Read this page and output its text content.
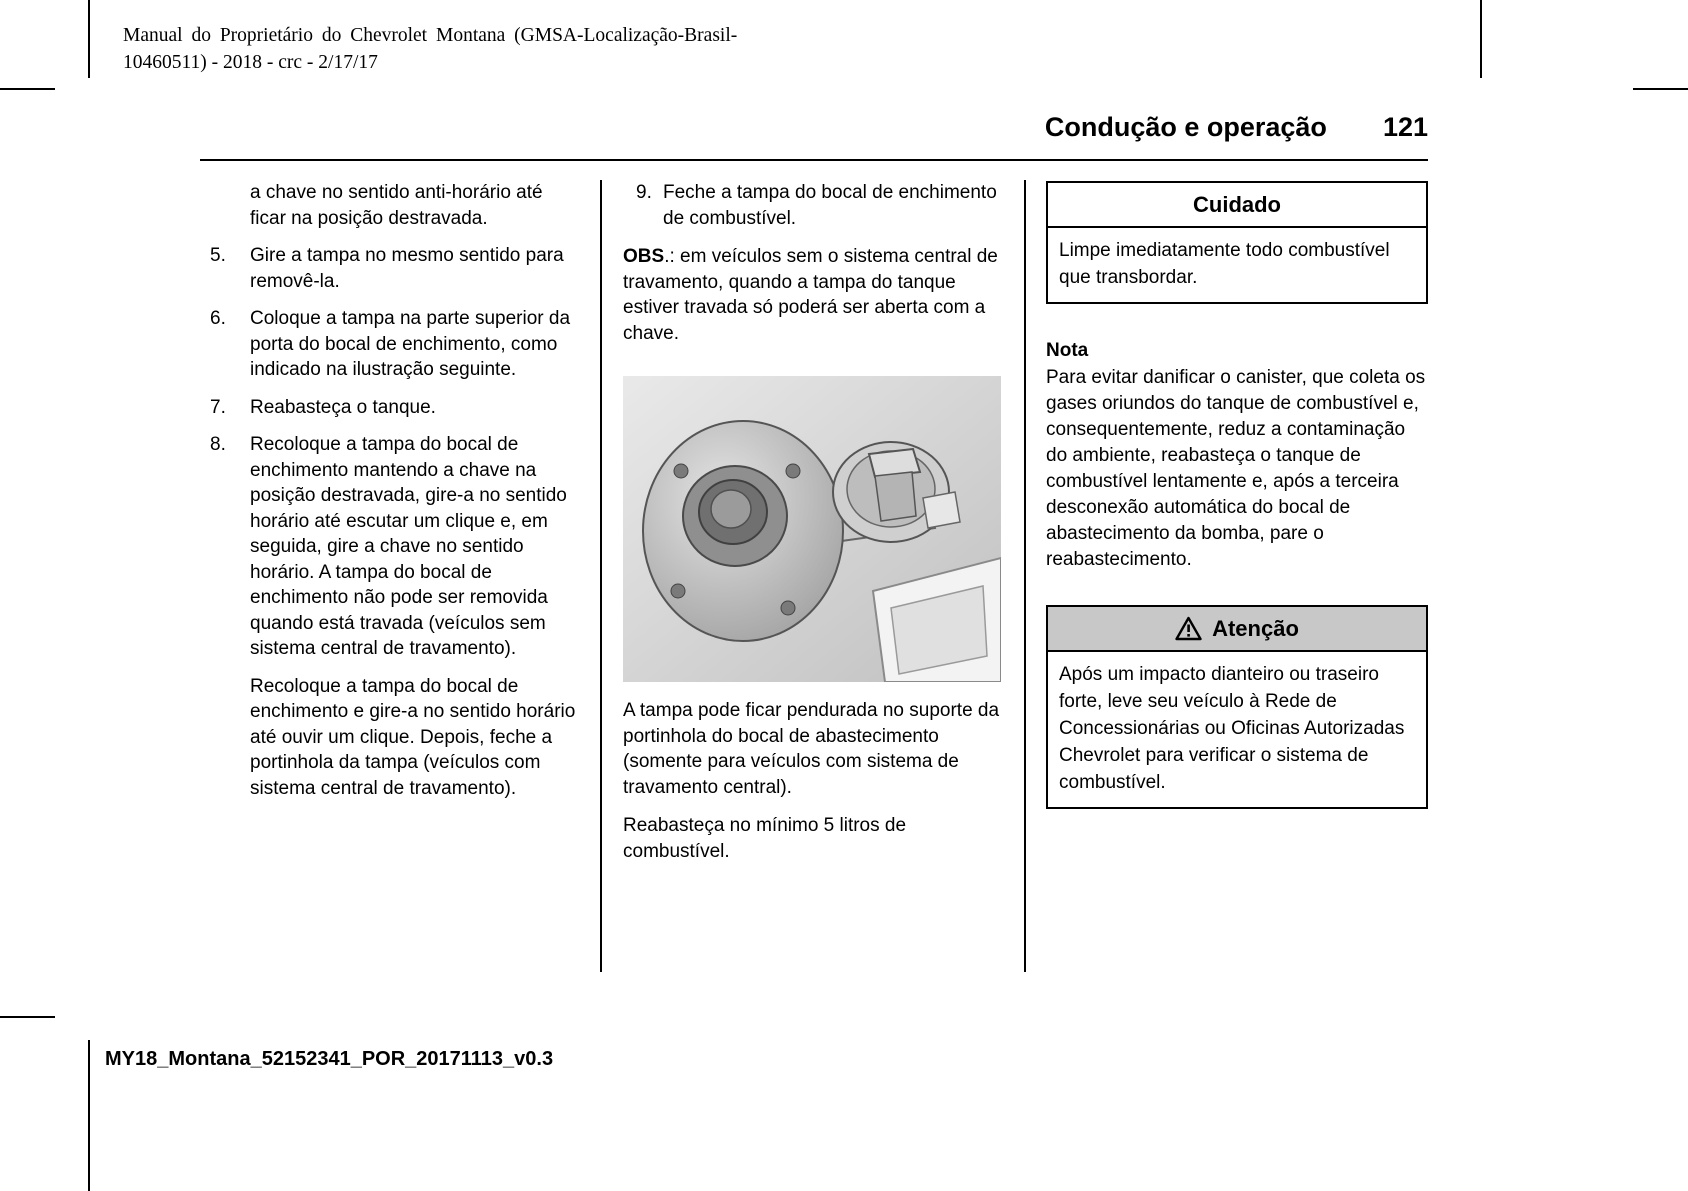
Manual do Proprietário do Chevrolet Montana (GMSA-Localização-Brasil-
10460511) - 2018 - crc - 2/17/17
Condução e operação 121

a chave no sentido anti-horário até ficar na posição destravada.

5.	Gire a tampa no mesmo sentido para removê-la.
6.	Coloque a tampa na parte superior da porta do bocal de enchimento, como indicado na ilustração seguinte.
7.	Reabasteça o tanque.
8.	Recoloque a tampa do bocal de enchimento mantendo a chave na posição destravada, gire-a no sentido horário até escutar um clique e, em seguida, gire a chave no sentido horário. A tampa do bocal de enchimento não pode ser removida quando está travada (veículos sem sistema central de travamento).

Recoloque a tampa do bocal de enchimento e gire-a no sentido horário até ouvir um clique. Depois, feche a portinhola da tampa (veículos com sistema central de travamento).

9. Feche a tampa do bocal de enchimento de combustível.

OBS.: em veículos sem o sistema central de travamento, quando a tampa do tanque estiver travada só poderá ser aberta com a chave.

A tampa pode ficar pendurada no suporte da portinhola do bocal de abastecimento (somente para veículos com sistema de travamento central).

Reabasteça no mínimo 5 litros de combustível.

Cuidado
Limpe imediatamente todo combustível que transbordar.
Nota

Para evitar danificar o canister, que coleta os gases oriundos do tanque de combustível e, consequentemente, reduz a contaminação do ambiente, reabasteça o tanque de combustível lentamente e, após a terceira desconexão automática do bocal de abastecimento da bomba, pare o reabastecimento.

Atenção
Após um impacto dianteiro ou traseiro forte, leve seu veículo à Rede de Concessionárias ou Oficinas Autorizadas Chevrolet para verificar o sistema de combustível.
MY18_Montana_52152341_POR_20171113_v0.3
